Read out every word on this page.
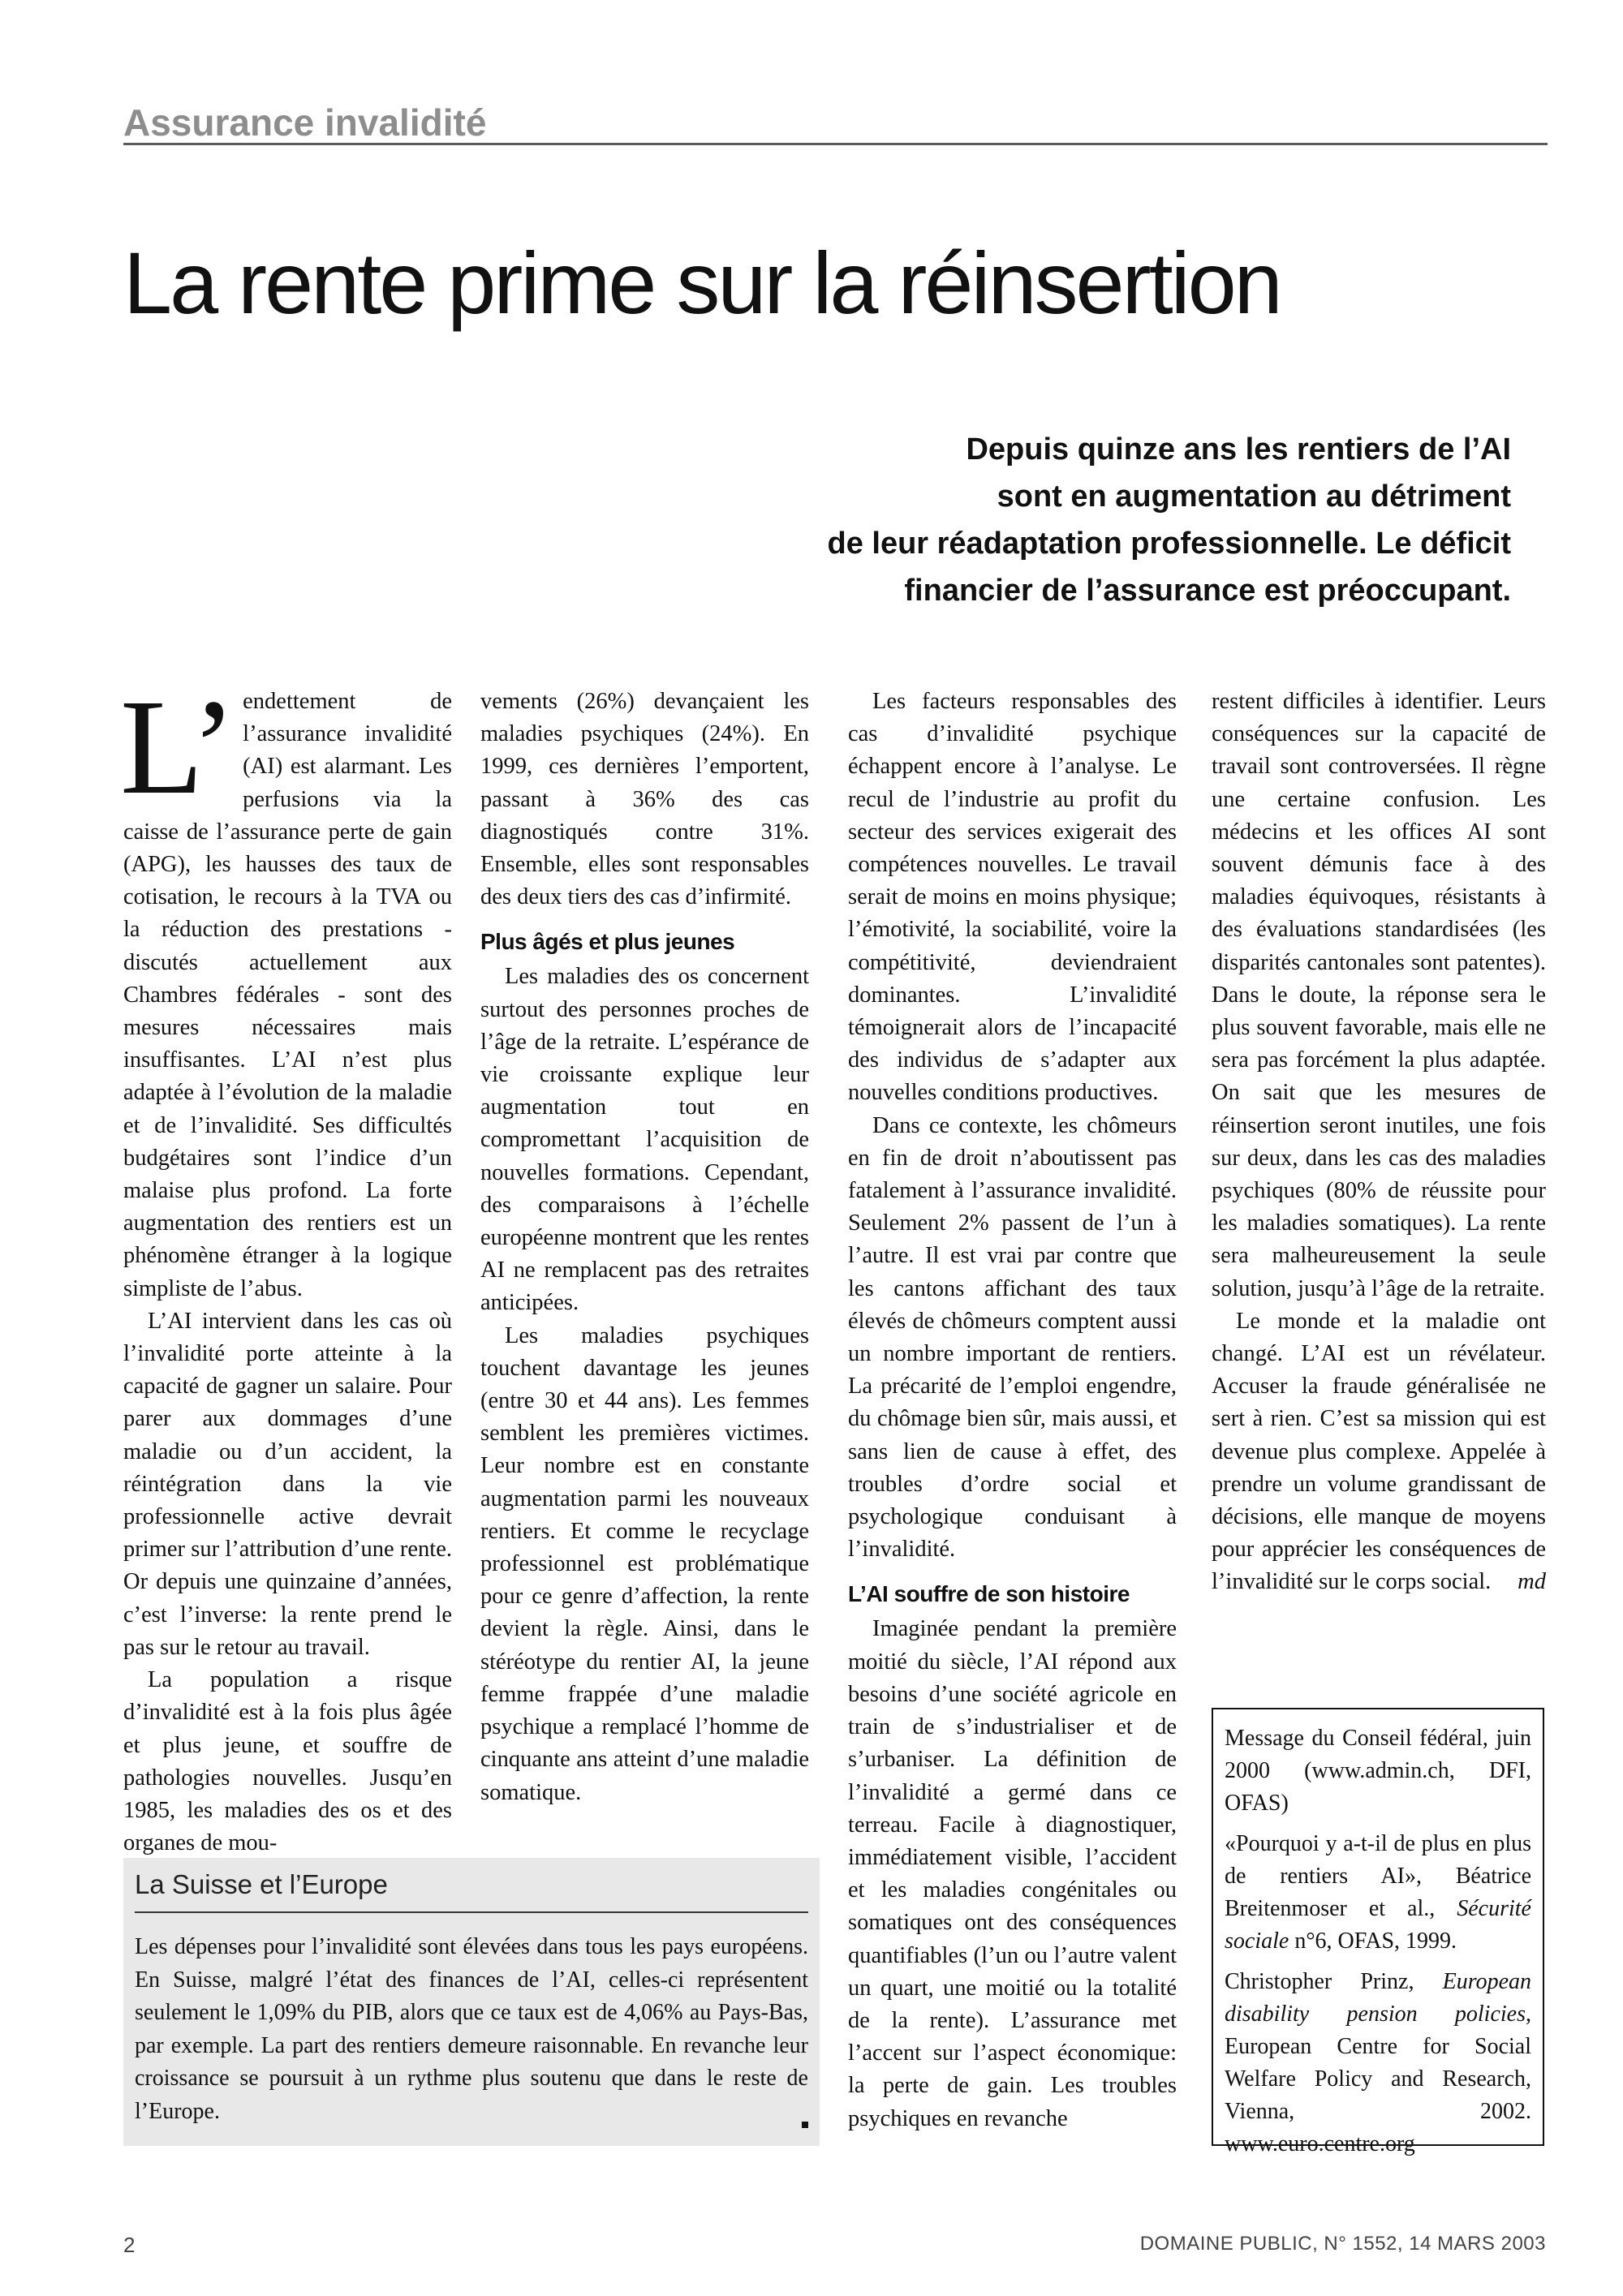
Assurance invalidité
La rente prime sur la réinsertion
Depuis quinze ans les rentiers de l’AI
sont en augmentation au détriment
de leur réadaptation professionnelle. Le déficit
financier de l’assurance est préoccupant.

L’ endettement de l’assurance invalidité (AI) est alarmant. Les perfusions via la caisse de l’assurance perte de gain (APG), les hausses des taux de cotisation, le recours à la TVA ou la réduction des prestations - discutés actuellement aux Chambres fédérales - sont des mesures nécessaires mais insuffisantes. L’AI n’est plus adaptée à l’évolution de la maladie et de l’invalidité. Ses difficultés budgétaires sont l’indice d’un malaise plus profond. La forte augmentation des rentiers est un phénomène étranger à la logique simpliste de l’abus.

L’AI intervient dans les cas où l’invalidité porte atteinte à la capacité de gagner un salaire. Pour parer aux dommages d’une maladie ou d’un accident, la réintégration dans la vie professionnelle active devrait primer sur l’attribution d’une rente. Or depuis une quinzaine d’années, c’est l’inverse: la rente prend le pas sur le retour au travail.

La population a risque d’invalidité est à la fois plus âgée et plus jeune, et souffre de pathologies nouvelles. Jusqu’en 1985, les maladies des os et des organes de mou-

vements (26%) devançaient les maladies psychiques (24%). En 1999, ces dernières l’emportent, passant à 36% des cas diagnostiqués contre 31%. Ensemble, elles sont responsables des deux tiers des cas d’infirmité.

Plus âgés et plus jeunes

Les maladies des os concernent surtout des personnes proches de l’âge de la retraite. L’espérance de vie croissante explique leur augmentation tout en compromettant l’acquisition de nouvelles formations. Cependant, des comparaisons à l’échelle européenne montrent que les rentes AI ne remplacent pas des retraites anticipées.

Les maladies psychiques touchent davantage les jeunes (entre 30 et 44 ans). Les femmes semblent les premières victimes. Leur nombre est en constante augmentation parmi les nouveaux rentiers. Et comme le recyclage professionnel est problématique pour ce genre d’affection, la rente devient la règle. Ainsi, dans le stéréotype du rentier AI, la jeune femme frappée d’une maladie psychique a remplacé l’homme de cinquante ans atteint d’une maladie somatique.

Les facteurs responsables des cas d’invalidité psychique échappent encore à l’analyse. Le recul de l’industrie au profit du secteur des services exigerait des compétences nouvelles. Le travail serait de moins en moins physique; l’émotivité, la sociabilité, voire la compétitivité, deviendraient dominantes. L’invalidité témoignerait alors de l’incapacité des individus de s’adapter aux nouvelles conditions productives.

Dans ce contexte, les chômeurs en fin de droit n’aboutissent pas fatalement à l’assurance invalidité. Seulement 2% passent de l’un à l’autre. Il est vrai par contre que les cantons affichant des taux élevés de chômeurs comptent aussi un nombre important de rentiers. La précarité de l’emploi engendre, du chômage bien sûr, mais aussi, et sans lien de cause à effet, des troubles d’ordre social et psychologique conduisant à l’invalidité.

L’AI souffre de son histoire

Imaginée pendant la première moitié du siècle, l’AI répond aux besoins d’une société agricole en train de s’industrialiser et de s’urbaniser. La définition de l’invalidité a germé dans ce terreau. Facile à diagnostiquer, immédiatement visible, l’accident et les maladies congénitales ou somatiques ont des conséquences quantifiables (l’un ou l’autre valent un quart, une moitié ou la totalité de la rente). L’assurance met l’accent sur l’aspect économique: la perte de gain. Les troubles psychiques en revanche

restent difficiles à identifier. Leurs conséquences sur la capacité de travail sont controversées. Il règne une certaine confusion. Les médecins et les offices AI sont souvent démunis face à des maladies équivoques, résistants à des évaluations standardisées (les disparités cantonales sont patentes). Dans le doute, la réponse sera le plus souvent favorable, mais elle ne sera pas forcément la plus adaptée. On sait que les mesures de réinsertion seront inutiles, une fois sur deux, dans les cas des maladies psychiques (80% de réussite pour les maladies somatiques). La rente sera malheureusement la seule solution, jusqu’à l’âge de la retraite.

Le monde et la maladie ont changé. L’AI est un révélateur. Accuser la fraude généralisée ne sert à rien. C’est sa mission qui est devenue plus complexe. Appelée à prendre un volume grandissant de décisions, elle manque de moyens pour apprécier les conséquences de l’invalidité sur le corps social.	md

La Suisse et l’Europe
Les dépenses pour l’invalidité sont élevées dans tous les pays européens. En Suisse, malgré l’état des finances de l’AI, celles-ci représentent seulement le 1,09% du PIB, alors que ce taux est de 4,06% au Pays-Bas, par exemple. La part des rentiers demeure raisonnable. En revanche leur croissance se poursuit à un rythme plus soutenu que dans le reste de l’Europe.

Message du Conseil fédéral, juin 2000 (www.admin.ch, DFI, OFAS)

«Pourquoi y a-t-il de plus en plus de rentiers AI», Béatrice Breitenmoser et al., Sécurité sociale n°6, OFAS, 1999.

Christopher Prinz, European disability pension policies, European Centre for Social Welfare Policy and Research, Vienna, 2002. www.euro.centre.org

2	DOMAINE PUBLIC, N° 1552, 14 MARS 2003
